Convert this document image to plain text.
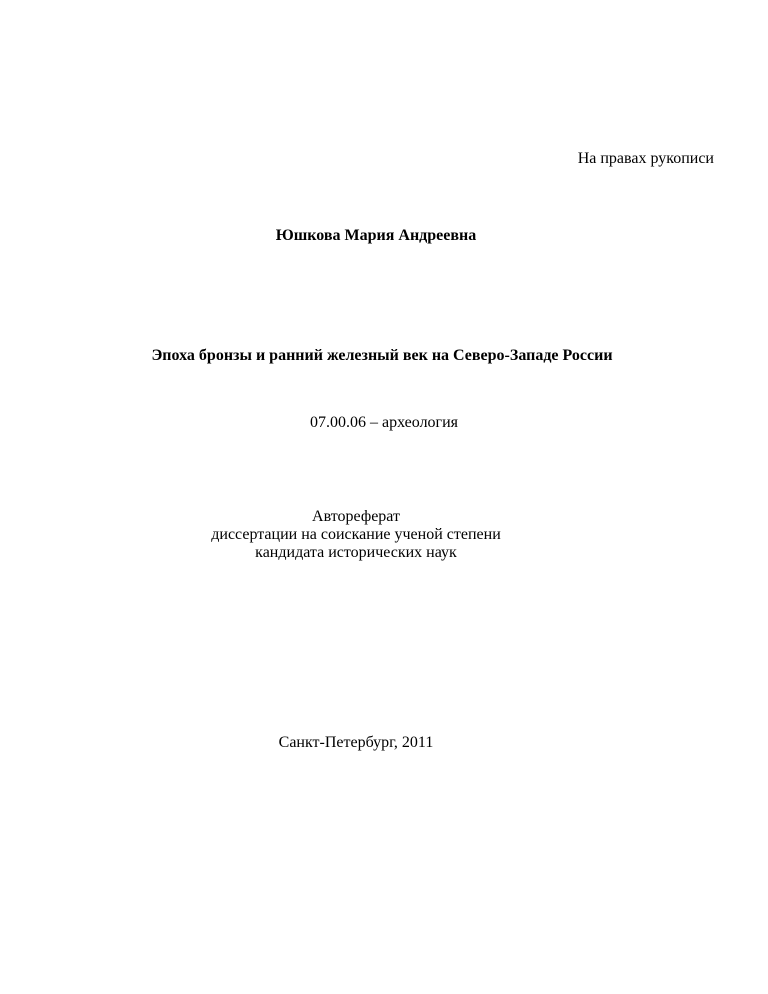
На правах рукописи
Юшкова Мария Андреевна
Эпоха бронзы и ранний железный век на Северо-Западе России
07.00.06 – археология
Автореферат
диссертации на соискание ученой степени
кандидата исторических наук
Санкт-Петербург, 2011
